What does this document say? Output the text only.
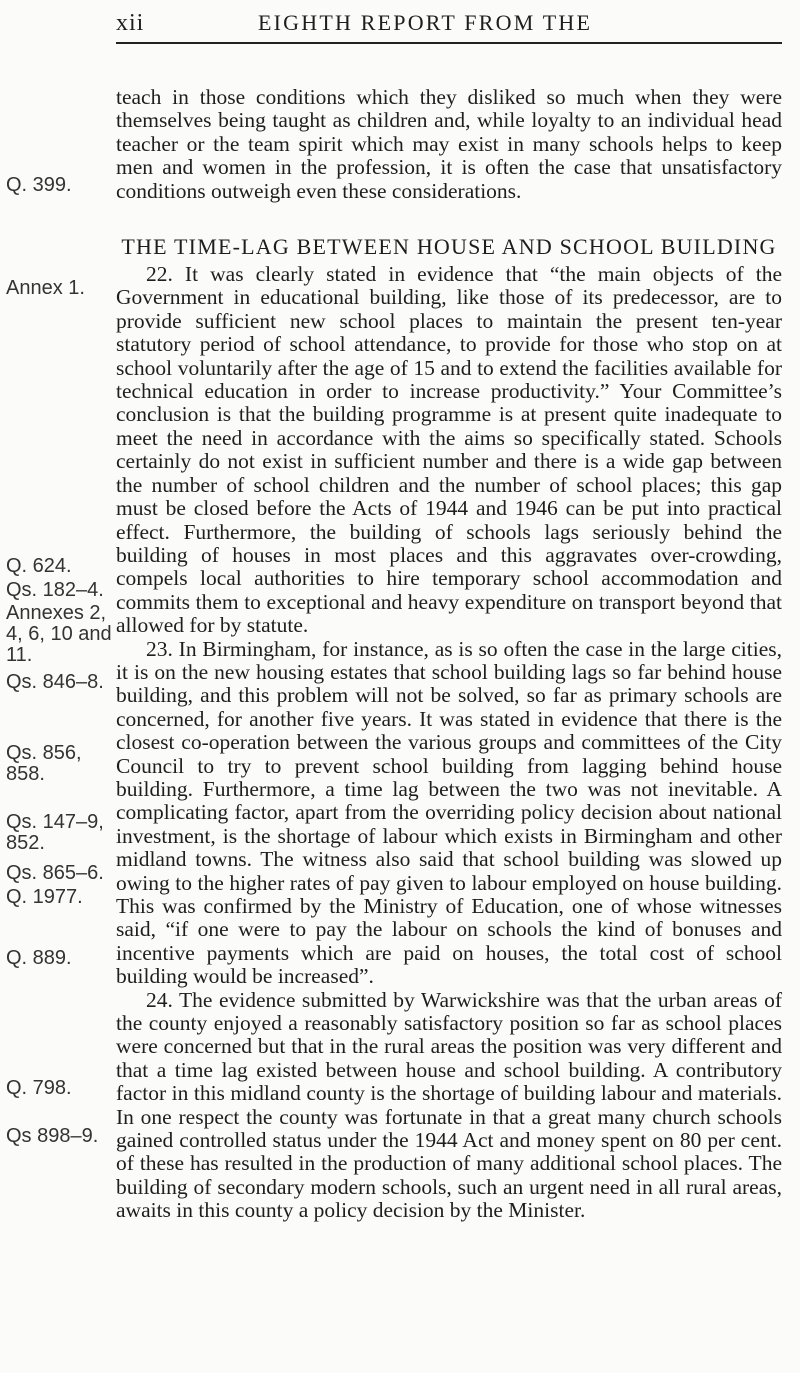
xii	EIGHTH REPORT FROM THE
Q. 399.
Annex 1.
Q. 624.
Qs. 182–4.
Annexes 2, 4, 6, 10 and 11.
Qs. 846–8.
Qs. 856, 858.
Qs. 147–9, 852.
Qs. 865–6.
Q. 1977.
Q. 889.
Q. 798.
Qs 898–9.

teach in those conditions which they disliked so much when they were themselves being taught as children and, while loyalty to an individual head teacher or the team spirit which may exist in many schools helps to keep men and women in the profession, it is often the case that unsatisfactory conditions outweigh even these considerations.

THE TIME-LAG BETWEEN HOUSE AND SCHOOL BUILDING

22. It was clearly stated in evidence that “the main objects of the Government in educational building, like those of its predecessor, are to provide sufficient new school places to maintain the present ten-year statutory period of school attendance, to provide for those who stop on at school voluntarily after the age of 15 and to extend the facilities available for technical education in order to increase productivity.” Your Committee’s conclusion is that the building programme is at present quite inadequate to meet the need in accordance with the aims so specifically stated. Schools certainly do not exist in sufficient number and there is a wide gap between the number of school children and the number of school places; this gap must be closed before the Acts of 1944 and 1946 can be put into practical effect. Furthermore, the building of schools lags seriously behind the building of houses in most places and this aggravates over-crowding, compels local authorities to hire temporary school accommodation and commits them to exceptional and heavy expenditure on transport beyond that allowed for by statute.

23. In Birmingham, for instance, as is so often the case in the large cities, it is on the new housing estates that school building lags so far behind house building, and this problem will not be solved, so far as primary schools are concerned, for another five years. It was stated in evidence that there is the closest co-operation between the various groups and committees of the City Council to try to prevent school building from lagging behind house building. Furthermore, a time lag between the two was not inevitable. A complicating factor, apart from the overriding policy decision about national investment, is the shortage of labour which exists in Birmingham and other midland towns. The witness also said that school building was slowed up owing to the higher rates of pay given to labour employed on house building. This was confirmed by the Ministry of Education, one of whose witnesses said, “if one were to pay the labour on schools the kind of bonuses and incentive payments which are paid on houses, the total cost of school building would be increased”.

24. The evidence submitted by Warwickshire was that the urban areas of the county enjoyed a reasonably satisfactory position so far as school places were concerned but that in the rural areas the position was very different and that a time lag existed between house and school building. A contributory factor in this midland county is the shortage of building labour and materials. In one respect the county was fortunate in that a great many church schools gained controlled status under the 1944 Act and money spent on 80 per cent. of these has resulted in the production of many additional school places. The building of secondary modern schools, such an urgent need in all rural areas, awaits in this county a policy decision by the Minister.
